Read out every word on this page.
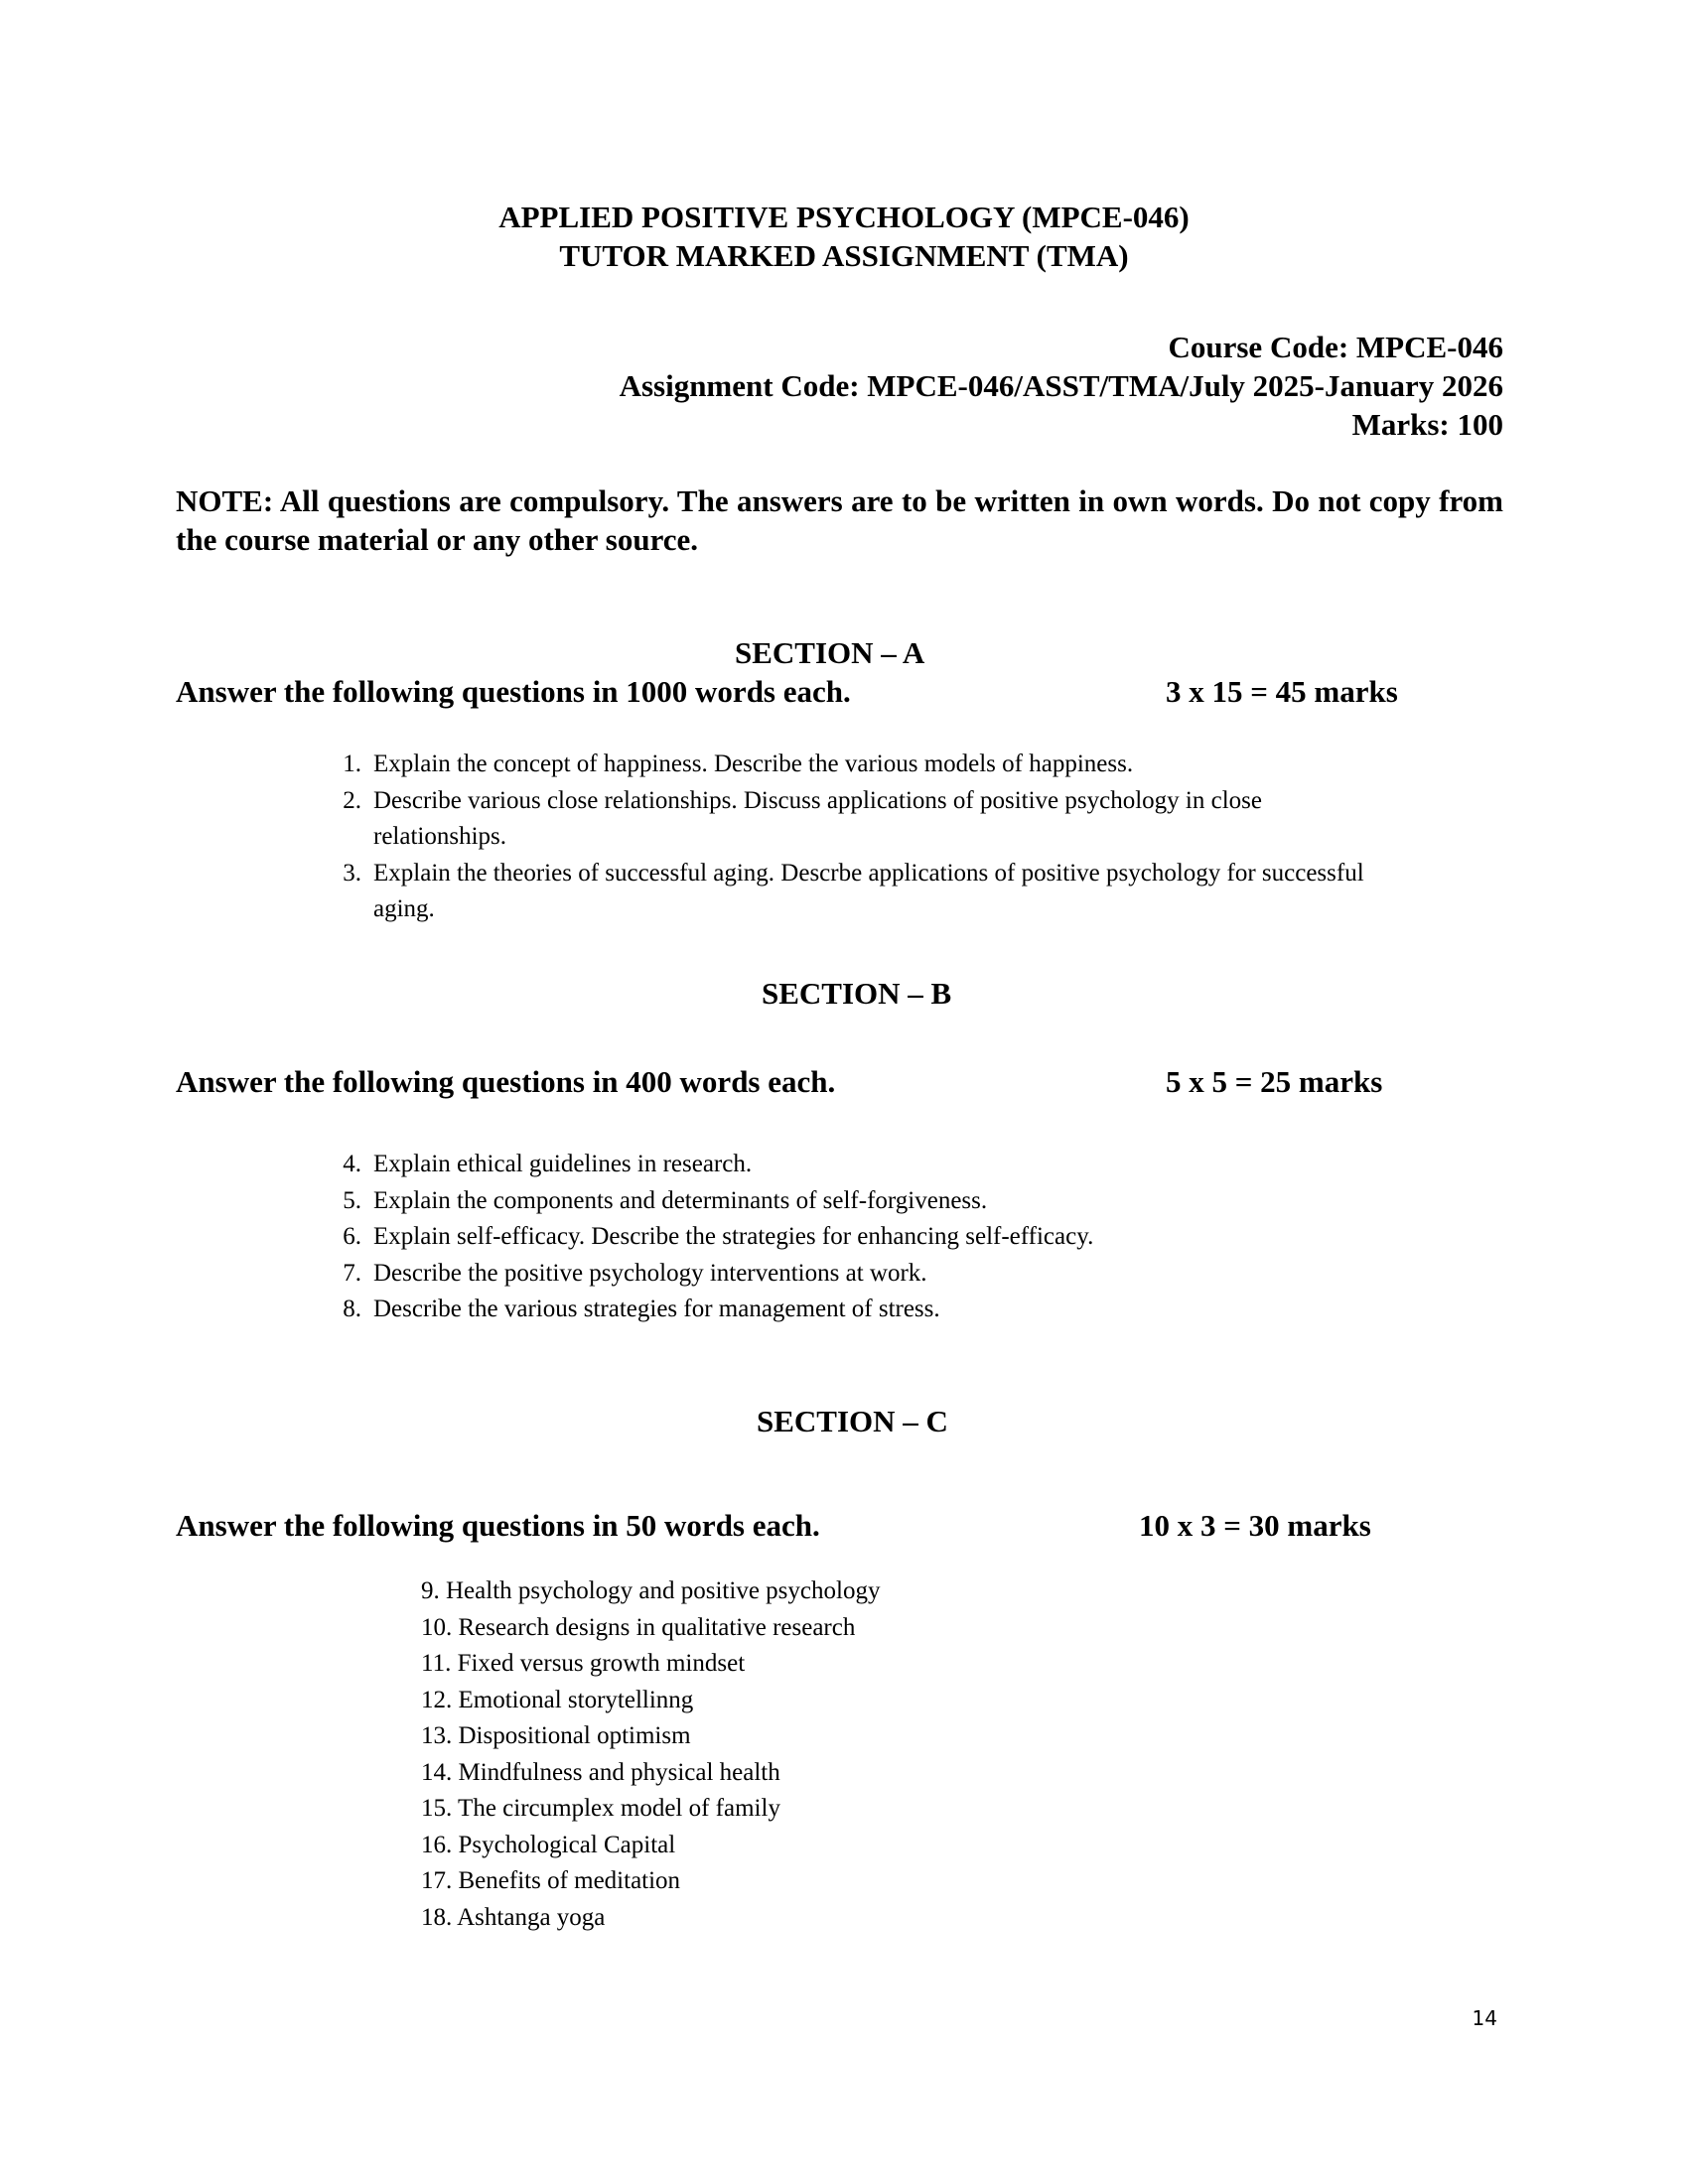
APPLIED POSITIVE PSYCHOLOGY (MPCE-046)
TUTOR MARKED ASSIGNMENT (TMA)
Course Code: MPCE-046
Assignment Code: MPCE-046/ASST/TMA/July 2025-January 2026
Marks: 100
NOTE: All questions are compulsory. The answers are to be written in own words. Do not copy from the course material or any other source.
SECTION – A
Answer the following questions in 1000 words each.	3 x 15 = 45 marks
1. Explain the concept of happiness. Describe the various models of happiness.
2. Describe various close relationships. Discuss applications of positive psychology in close relationships.
3. Explain the theories of successful aging. Descrbe applications of positive psychology for successful aging.
SECTION – B
Answer the following questions in 400 words each.	5 x 5 = 25 marks
4. Explain ethical guidelines in research.
5. Explain the components and determinants of self-forgiveness.
6. Explain self-efficacy. Describe the strategies for enhancing self-efficacy.
7. Describe the positive psychology interventions at work.
8. Describe the various strategies for management of stress.
SECTION – C
Answer the following questions in 50 words each.	10 x 3 = 30 marks
9. Health psychology and positive psychology
10. Research designs in qualitative research
11. Fixed versus growth mindset
12. Emotional storytellinng
13. Dispositional optimism
14. Mindfulness and physical health
15. The circumplex model of family
16. Psychological Capital
17. Benefits of meditation
18. Ashtanga yoga
14
